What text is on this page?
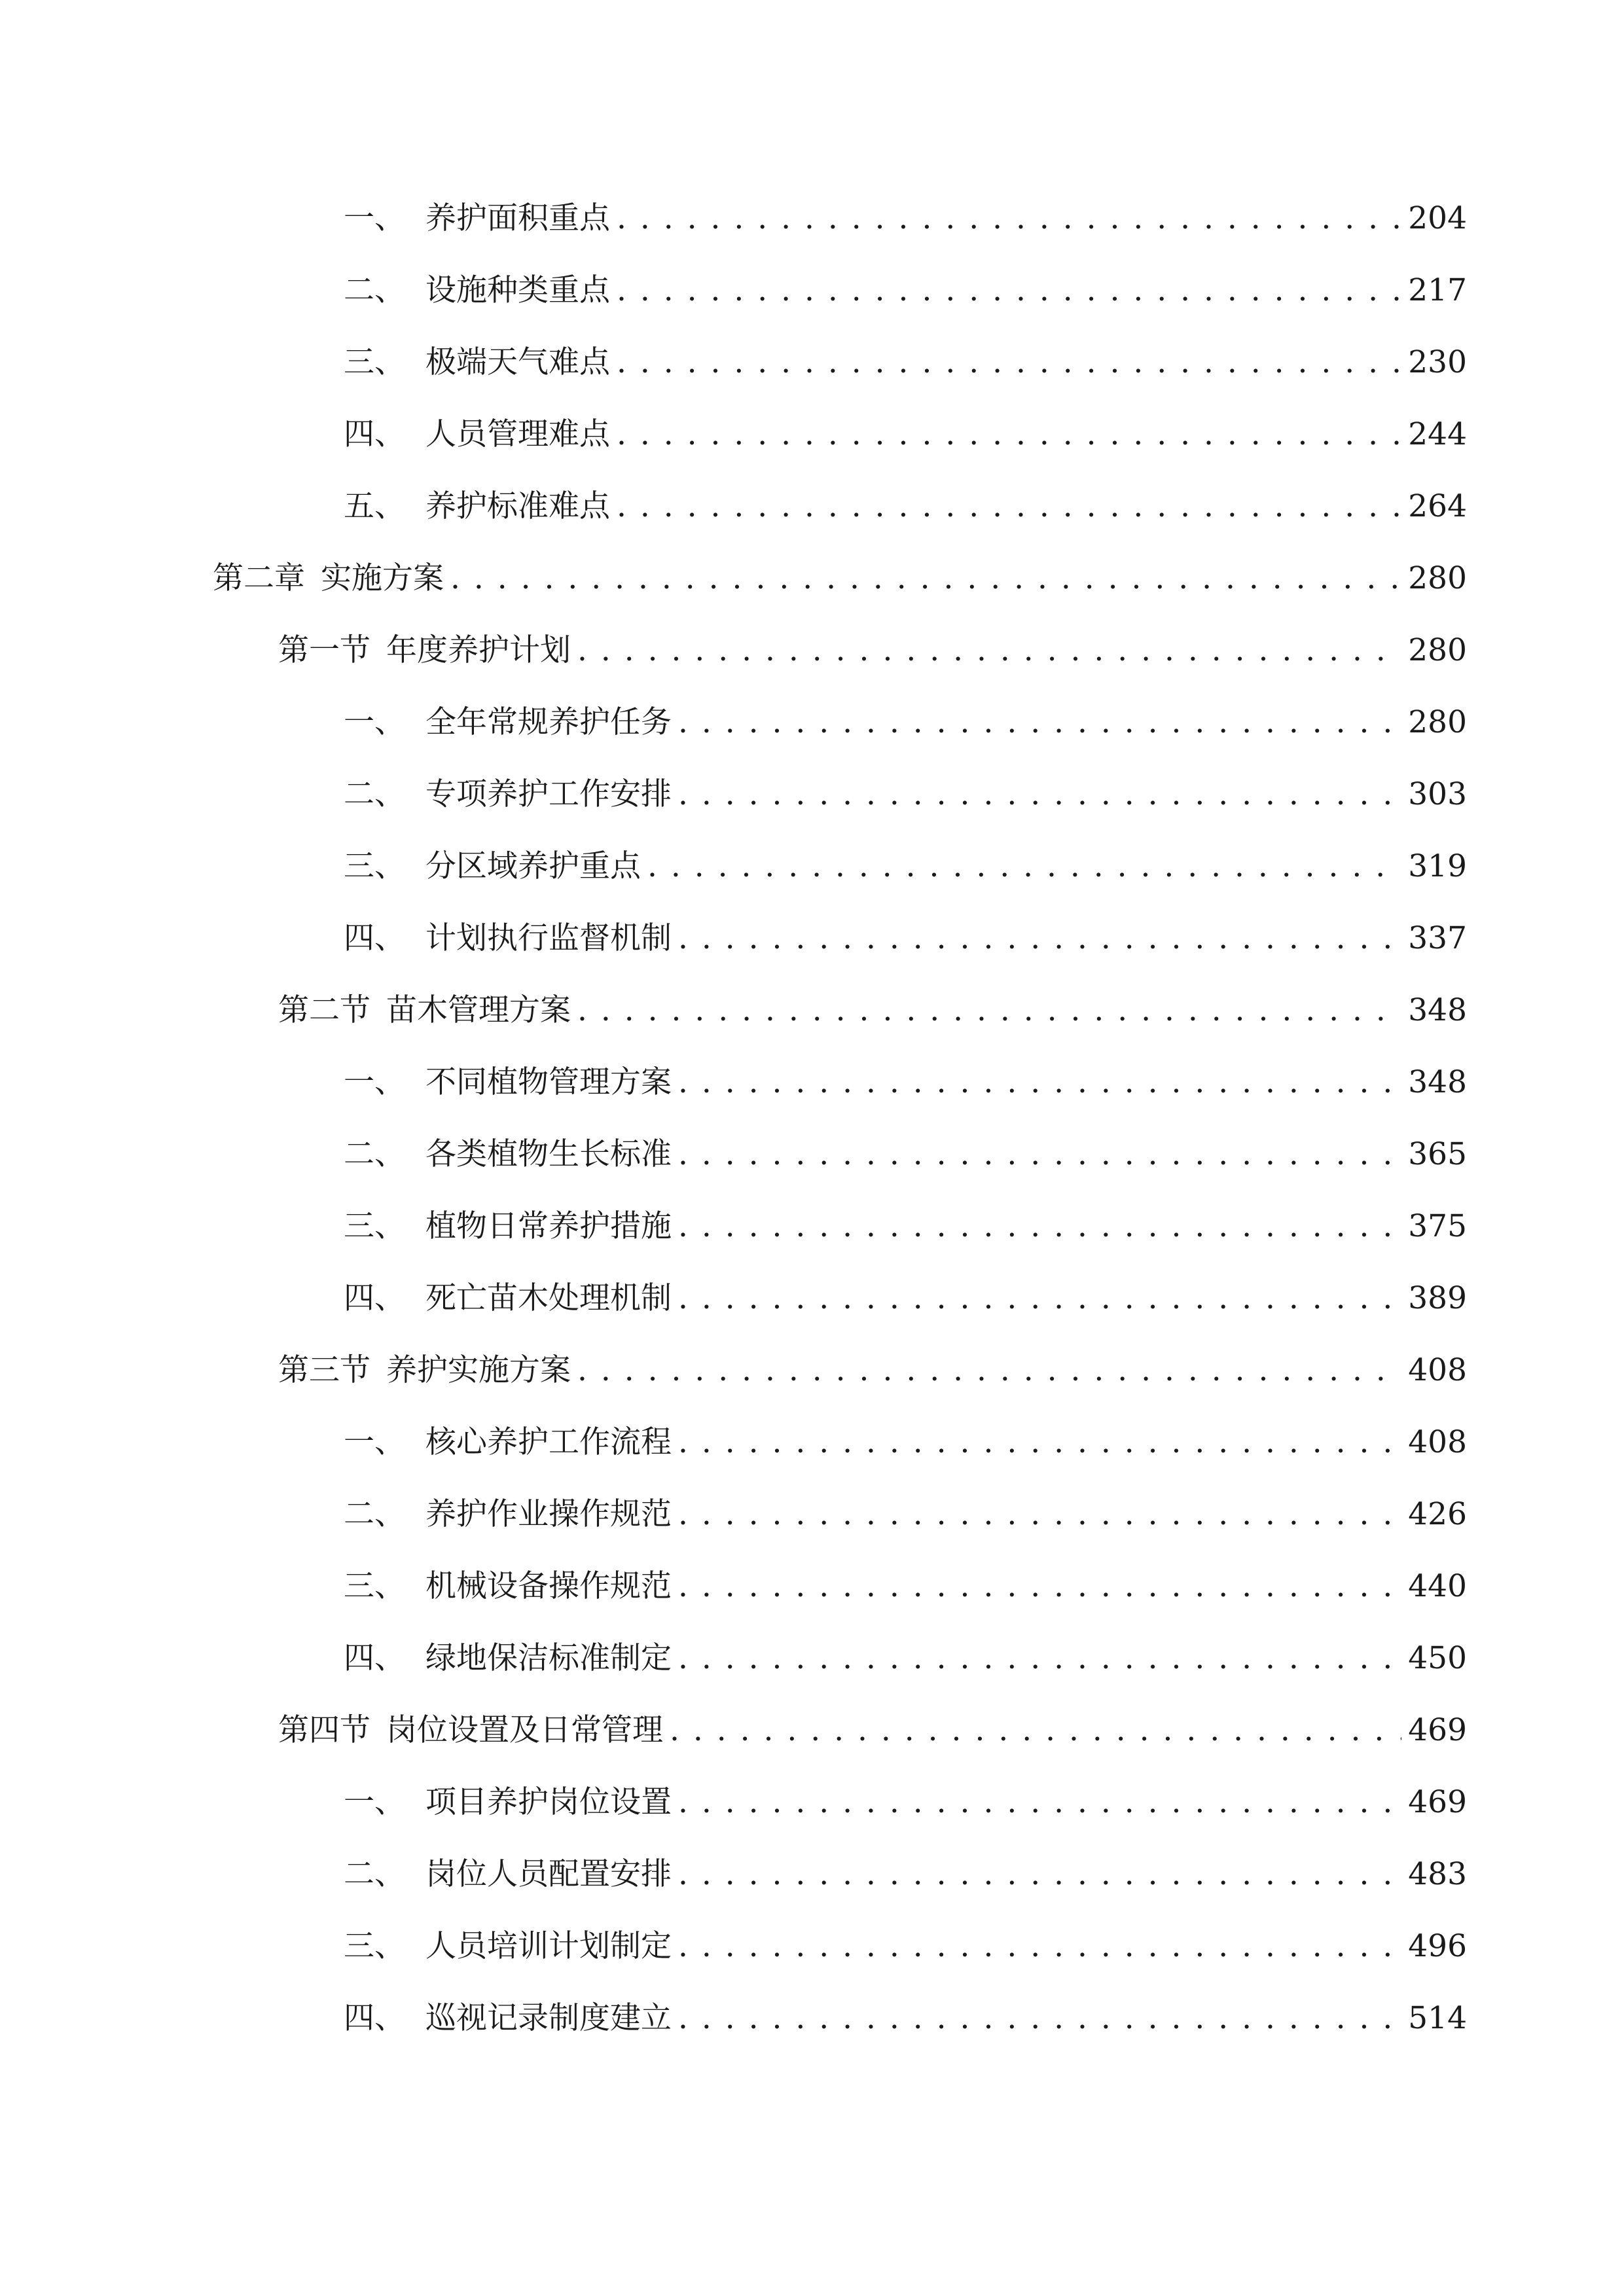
一、 养护面积重点 . . .	204
二、 设施种类重点 . . .	217
三、 极端天气难点 . . .	230
四、 人员管理难点 . . .	244
五、 养护标准难点 . . .	264
第二章 实施方案 . . .	280
第一节 年度养护计划 . . .	280
一、 全年常规养护任务 . . .	280
二、 专项养护工作安排 . . .	303
三、 分区域养护重点 . . .	319
四、 计划执行监督机制 . . .	337
第二节 苗木管理方案 . . .	348
一、 不同植物管理方案 . . .	348
二、 各类植物生长标准 . . .	365
三、 植物日常养护措施 . . .	375
四、 死亡苗木处理机制 . . .	389
第三节 养护实施方案 . . .	408
一、 核心养护工作流程 . . .	408
二、 养护作业操作规范 . . .	426
三、 机械设备操作规范 . . .	440
四、 绿地保洁标准制定 . . .	450
第四节 岗位设置及日常管理 . . .	469
一、 项目养护岗位设置 . . .	469
二、 岗位人员配置安排 . . .	483
三、 人员培训计划制定 . . .	496
四、 巡视记录制度建立 . . .	514
